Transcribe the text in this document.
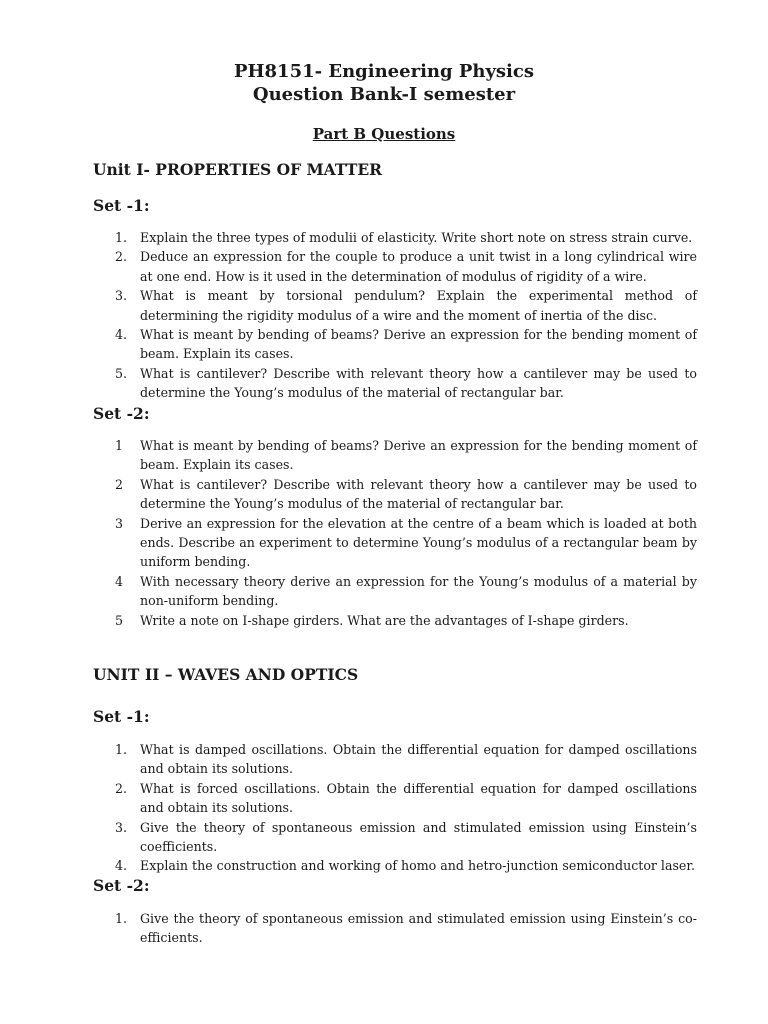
PH8151- Engineering Physics
Question Bank-I semester
Part B Questions
Unit I- PROPERTIES OF MATTER
Set -1:
1. Explain the three types of modulii of elasticity. Write short note on stress strain curve.
2. Deduce an expression for the couple to produce a unit twist in a long cylindrical wire at one end. How is it used in the determination of modulus of rigidity of a wire.
3. What is meant by torsional pendulum? Explain the experimental method of determining the rigidity modulus of a wire and the moment of inertia of the disc.
4. What is meant by bending of beams? Derive an expression for the bending moment of beam. Explain its cases.
5. What is cantilever? Describe with relevant theory how a cantilever may be used to determine the Young’s modulus of the material of rectangular bar.
Set -2:
1 What is meant by bending of beams? Derive an expression for the bending moment of beam. Explain its cases.
2 What is cantilever? Describe with relevant theory how a cantilever may be used to determine the Young’s modulus of the material of rectangular bar.
3 Derive an expression for the elevation at the centre of a beam which is loaded at both ends. Describe an experiment to determine Young’s modulus of a rectangular beam by uniform bending.
4 With necessary theory derive an expression for the Young’s modulus of a material by non-uniform bending.
5 Write a note on I-shape girders. What are the advantages of I-shape girders.
UNIT II – WAVES AND OPTICS
Set -1:
1. What is damped oscillations. Obtain the differential equation for damped oscillations and obtain its solutions.
2. What is forced oscillations. Obtain the differential equation for damped oscillations and obtain its solutions.
3. Give the theory of spontaneous emission and stimulated emission using Einstein’s coefficients.
4. Explain the construction and working of homo and hetro-junction semiconductor laser.
Set -2:
1. Give the theory of spontaneous emission and stimulated emission using Einstein’s co-efficients.
